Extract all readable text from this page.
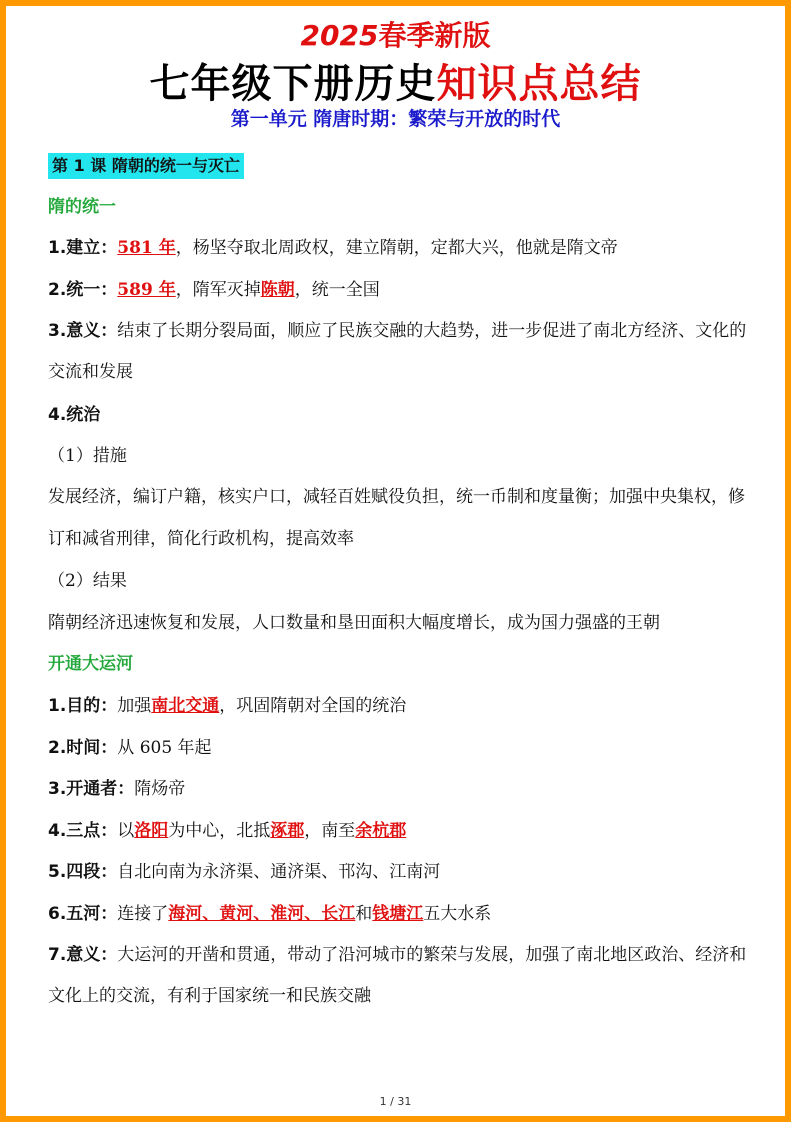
2025春季新版
七年级下册历史知识点总结
第一单元 隋唐时期：繁荣与开放的时代
第 1 课 隋朝的统一与灭亡
隋的统一
1.建立： 581 年 ，杨坚夺取北周政权，建立隋朝，定都大兴，他就是隋文帝
2.统一： 589 年 ，隋军灭掉 陈朝 ，统一全国
3.意义：结束了长期分裂局面，顺应了民族交融的大趋势，进一步促进了南北方经济、文化的交流和发展
4.统治
（1）措施
发展经济，编订户籍，核实户口，减轻百姓赋役负担，统一币制和度量衡；加强中央集权，修订和减省刑律，简化行政机构，提高效率
（2）结果
隋朝经济迅速恢复和发展，人口数量和垦田面积大幅度增长，成为国力强盛的王朝
开通大运河
1.目的： 加强 南北交通 ，巩固隋朝对全国的统治
2.时间： 从 605 年起
3.开通者： 隋炀帝
4.三点： 以 洛阳 为中心，北抵 涿郡 ，南至 余杭郡
5.四段： 自北向南为永济渠、通济渠、邗沟、江南河
6.五河： 连接了 海河、黄河、淮河、长江 和 钱塘江 五大水系
7.意义：大运河的开凿和贯通，带动了沿河城市的繁荣与发展，加强了南北地区政治、经济和文化上的交流，有利于国家统一和民族交融
1 / 31
